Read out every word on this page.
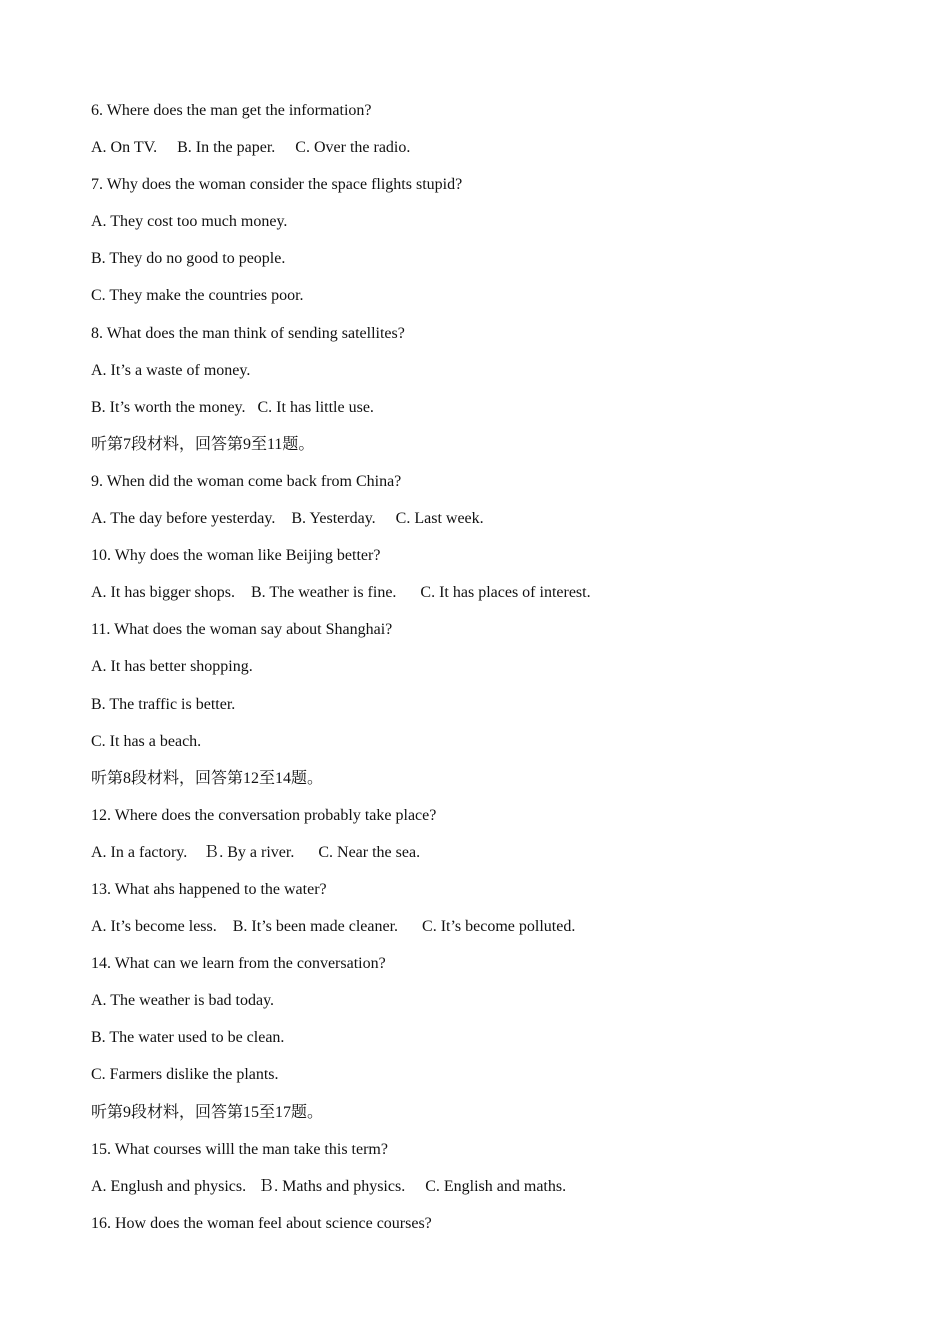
6. Where does the man get the information?
A. On TV.     B. In the paper.     C. Over the radio.
7. Why does the woman consider the space flights stupid?
A. They cost too much money.
B. They do no good to people.
C. They make the countries poor.
8. What does the man think of sending satellites?
A. It’s a waste of money.
B. It’s worth the money.   C. It has little use.
听第7段材料，回答第9至11题。
9. When did the woman come back from China?
A. The day before yesterday.    B. Yesterday.     C. Last week.
10. Why does the woman like Beijing better?
A. It has bigger shops.    B. The weather is fine.      C. It has places of interest.
11. What does the woman say about Shanghai?
A. It has better shopping.
B. The traffic is better.
C. It has a beach.
听第8段材料，回答第12至14题。
12. Where does the conversation probably take place?
A. In a factory.    Ｂ. By a river.      C. Near the sea.
13. What ahs happened to the water?
A. It’s become less.    B. It’s been made cleaner.      C. It’s become polluted.
14. What can we learn from the conversation?
A. The weather is bad today.
B. The water used to be clean.
C. Farmers dislike the plants.
听第9段材料，回答第15至17题。
15. What courses willl the man take this term?
A. Englush and physics.   Ｂ. Maths and physics.     C. English and maths.
16. How does the woman feel about science courses?
